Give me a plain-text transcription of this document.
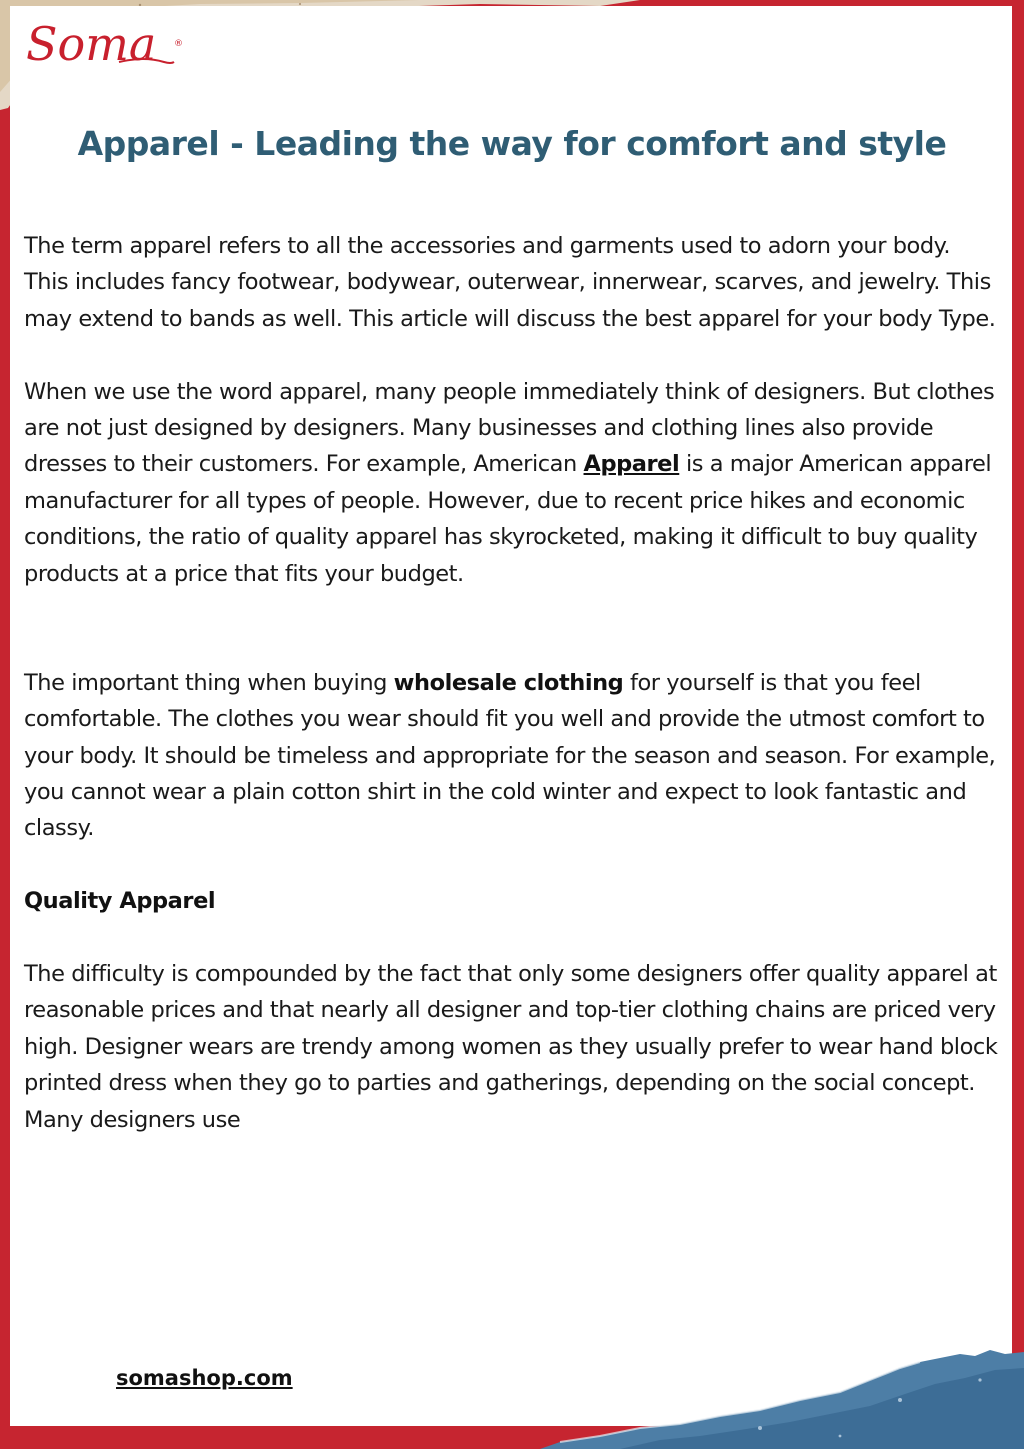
Soma ®
Apparel - Leading the way for comfort and style

The term apparel refers to all the accessories and garments used to adorn your body. This includes fancy footwear, bodywear, outerwear, innerwear, scarves, and jewelry. This may extend to bands as well. This article will discuss the best apparel for your body Type.

When we use the word apparel, many people immediately think of designers. But clothes are not just designed by designers. Many businesses and clothing lines also provide dresses to their customers. For example, American Apparel is a major American apparel manufacturer for all types of people. However, due to recent price hikes and economic conditions, the ratio of quality apparel has skyrocketed, making it difficult to buy quality products at a price that fits your budget.

The important thing when buying wholesale clothing for yourself is that you feel comfortable. The clothes you wear should fit you well and provide the utmost comfort to your body. It should be timeless and appropriate for the season and season. For example, you cannot wear a plain cotton shirt in the cold winter and expect to look fantastic and classy.

Quality Apparel

The difficulty is compounded by the fact that only some designers offer quality apparel at reasonable prices and that nearly all designer and top-tier clothing chains are priced very high. Designer wears are trendy among women as they usually prefer to wear hand block printed dress when they go to parties and gatherings, depending on the social concept. Many designers use

somashop.com
